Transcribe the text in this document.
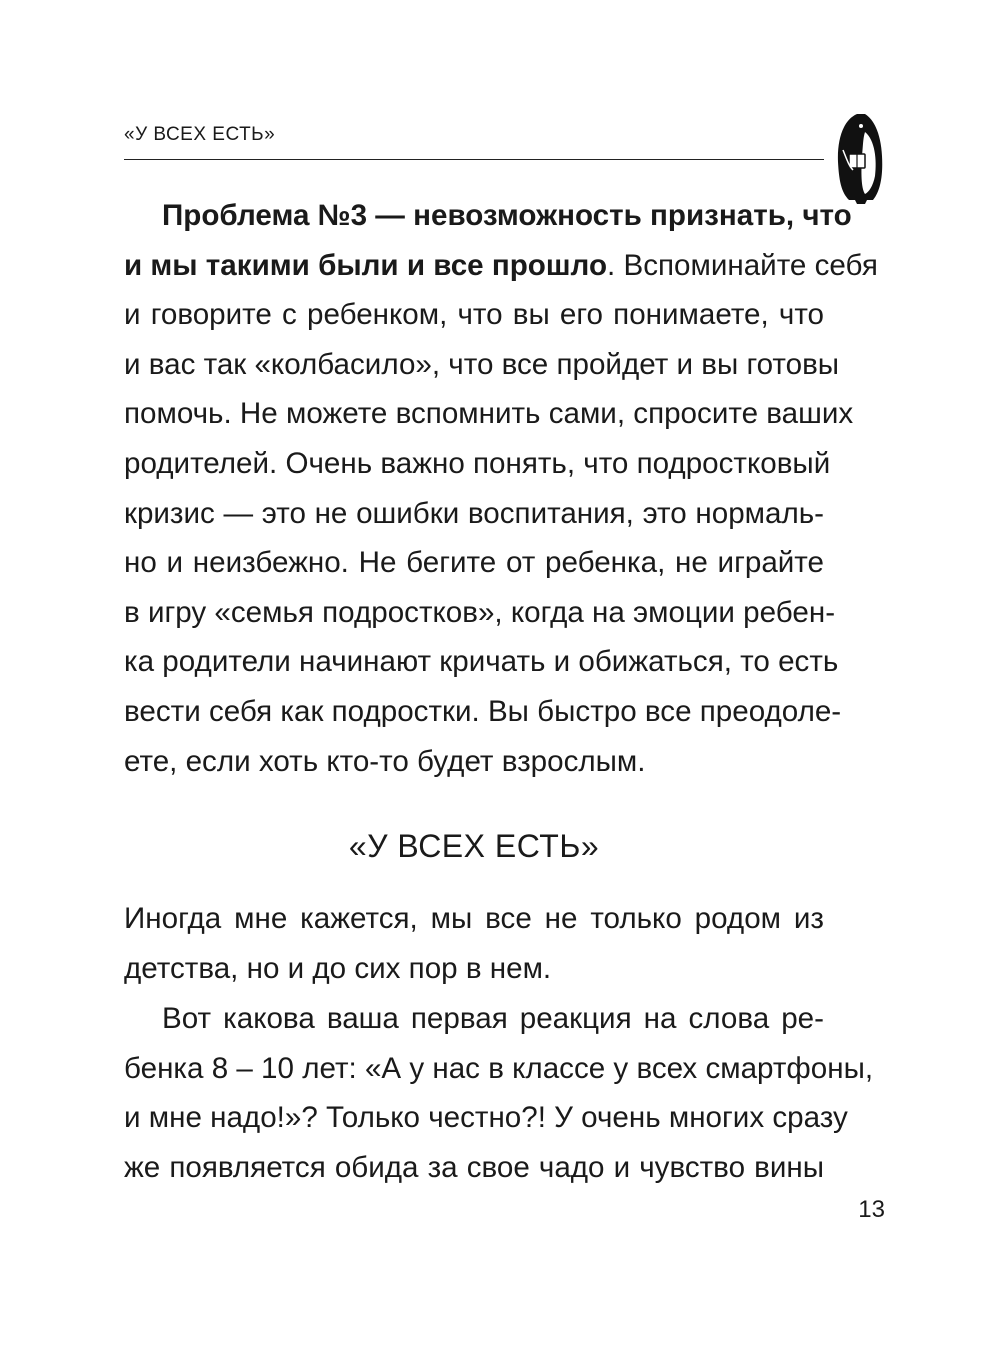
«У ВСЕХ ЕСТЬ»
Проблема №3 — невозможность признать, что
и мы такими были и все прошло. Вспоминайте себя
и говорите с ребенком, что вы его понимаете, что
и вас так «колбасило», что все пройдет и вы готовы
помочь. Не можете вспомнить сами, спросите ваших
родителей. Очень важно понять, что подростковый
кризис — это не ошибки воспитания, это нормаль-
но и неизбежно. Не бегите от ребенка, не играйте
в игру «семья подростков», когда на эмоции ребен-
ка родители начинают кричать и обижаться, то есть
вести себя как подростки. Вы быстро все преодоле-
ете, если хоть кто-то будет взрослым.
«У ВСЕХ ЕСТЬ»
Иногда мне кажется, мы все не только родом из
детства, но и до сих пор в нем.
Вот какова ваша первая реакция на слова ре-
бенка 8 – 10 лет: «А у нас в классе у всех смартфоны,
и мне надо!»? Только честно?! У очень многих сразу
же появляется обида за свое чадо и чувство вины
13
